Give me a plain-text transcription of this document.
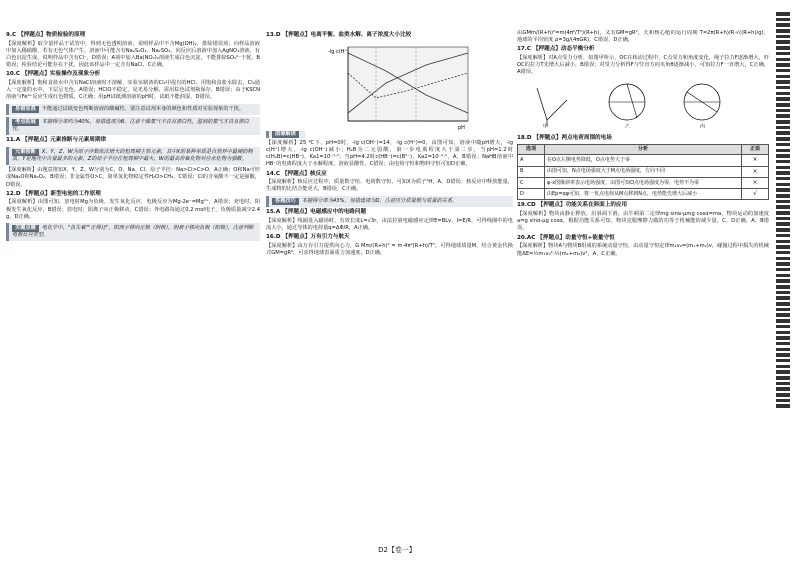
9.C 【押题点】物质检验的原理

【深度解析】取少量样品于试管中，得到无色透明溶液，说明样品中不含Mg(OH)₂，排除错误项；向样品溶液中加入稀硝酸，若有无色气体产生，溶液中可能含有Na₂S₂O₃、Na₂SO₃，向反应后溶液中加入AgNO₃溶液，有白色沉淀生成，说明样品中含有Cl⁻，D错误；A项中加入Ba(NO₃)₂溶液生成白色沉淀，不能排除SO₃²⁻干扰，B错误；检验结论可能存在干扰，因此该样品中一定含有NaCl，C正确。

10.C 【押题点】实验操作及现象分析

【深度解析】饱和食盐水中含有NaCl溶液时不溶解，实验室制备的Cl₂中混有的HCl，用饱和食盐水除去，Cl₂通入一定量的水中，下层呈无色，A错误；HClO不稳定，见光易分解，需用棕色试剂瓶保存，B错误；由于KSCN溶液与Fe³⁺反应生成红色物质，C正确；用pH试纸测溶液的pH时，试纸不能润湿，D错误。

易错易混 不能通过试纸变色判断溶液的酸碱性，要注意试剂本身的颜色和性质对实验现象的干扰。
考点拓展 本题得分率约为40%，易错选项为B，注意干燥氯气不具有漂白性，湿润的氯气才具有漂白性。
11.A 【押题点】元素推断与元素周期律
元素推断 X、Y、Z、W为原子序数依次增大的短周期主族元素，其中X的某种单质是自然界中最硬的物质，Y是地壳中含量最多的元素，Z的原子半径在短周期中最大，W的最高价氧化物对应水化物为强酸。

【深度解析】由题意推知X、Y、Z、W分别为C、O、Na、Cl。原子半径：Na>Cl>C>O，A正确；O和Na可形成Na₂O和Na₂O₂，B错误；非金属性O>C，简单氢化物稳定性H₂O>CH₄，C错误；Cl的含氧酸不一定是强酸，D错误。

12.D 【押题点】新型电池的工作原理

【深度解析】由图可知，放电时Mg为负极，发生氧化反应，电极反应为Mg-2e⁻=Mg²⁺，A错误；充电时，阳极发生氧化反应，B错误；放电时，阳离子向正极移动，C错误；外电路每通过0.2 mol电子，负极质量减少2.4 g，D正确。

关键点睛 电化学中，"负失氧""正得还"，阳离子移向正极（阴极），阴离子移向负极（阳极），注意判断电极反应类型。
13.D 【押题点】电离平衡、盐类水解、离子浓度大小比较
图像解读
-lg c(H⁺)
pH

【深度解析】25 ℃下，pH=0时，-lg c(OH⁻)=14，-lg c(H⁺)=0，由图可知，溶液中随pH增大，-lg c(H⁺)增大，-lg c(OH⁻)减小；H₂B为二元弱酸，第一步电离程度大于第二步，当pH=1.2时c(H₂B)=c(HB⁻)，Ka1=10⁻¹·²；当pH=4.2时c(HB⁻)=c(B²⁻)，Ka2=10⁻⁴·²，A、B错误；NaHB溶液中HB⁻的电离程度大于水解程度，溶液显酸性，C错误；由电荷守恒和物料守恒可知D正确。

14.C 【押题点】核反应

【深度解析】核反应过程中，质量数守恒、电荷数守恒，可知X为质子¹H，A、D错误；核反应中释放能量，生成物的比结合能更大，B错误，C正确。

答题技巧 本题得分率为43%，易错选项为D，注意区分质量数与质量的关系。
15.A 【押题点】电磁感应中的电路问题

【深度解析】线圈进入磁场时，有效长度L=√3r，由法拉第电磁感应定律E=BLv，I=E/R，可得线圈中的电流大小，通过导体的电荷量q=ΔΦ/R，A正确。

16.D 【押题点】万有引力与航天

【深度解析】由万有引力提供向心力，G Mm/(R+h)² = m·4π²(R+h)/T²，可得地球质量M，结合黄金代换式GM=gR²，可求得地球表面重力加速度，D正确。

由GMm/(R+h)²=m(4π²/T²)(R+h)，又有GM=gR²，天和核心舱的运行周期 T=2π(R+h)/R·√((R+h)/g)，地球的平均密度 ρ=3g/(4πGR)，C错误，D正确。

17.C 【押题点】动态平衡分析

【深度解析】对A点受力分析，如图甲所示，OC在转动过程中，C点受力和角度变化，绳子拉力F逐渐增大，杆OC的拉力T先增大后减小，B错误；对受力分析得F与竖直方向夹角θ逐渐减小，可知拉力F一直增大，C正确，A错误。

甲	乙	丙
18.D 【押题点】两点电荷周围的电场
选项	分析	正误
A	在O点左侧电势降低，O点电势大于零	×
B	由图可知，N点电场强度大于M点电场强度，方向不同	×
C	φ-x图像斜率表示电场强度，由图可知O点电场强度为零，电势不为零	×
D	由Ep=qφ可知，将一负点电荷从M点移到N点，电势能先增大后减小	√
19.CD 【押题点】功能关系在斜面上的应用

【深度解析】物块由静止释放，沿斜面下滑，由牛顿第二定律mg sinα-μmg cosα=ma，物块运动的加速度a=g sinα-μg cosα，根据功能关系可知，物块克服摩擦力做的功等于机械能的减少量，C、D正确，A、B错误。

20.AC 【押题点】动量守恒+能量守恒

【深度解析】物块A与物块B组成的系统动量守恒，由动量守恒定律m₁v₀=(m₁+m₂)v，碰撞过程中损失的机械能ΔE=½m₁v₀²-½(m₁+m₂)v²，A、C正确。

D2【卷一】
